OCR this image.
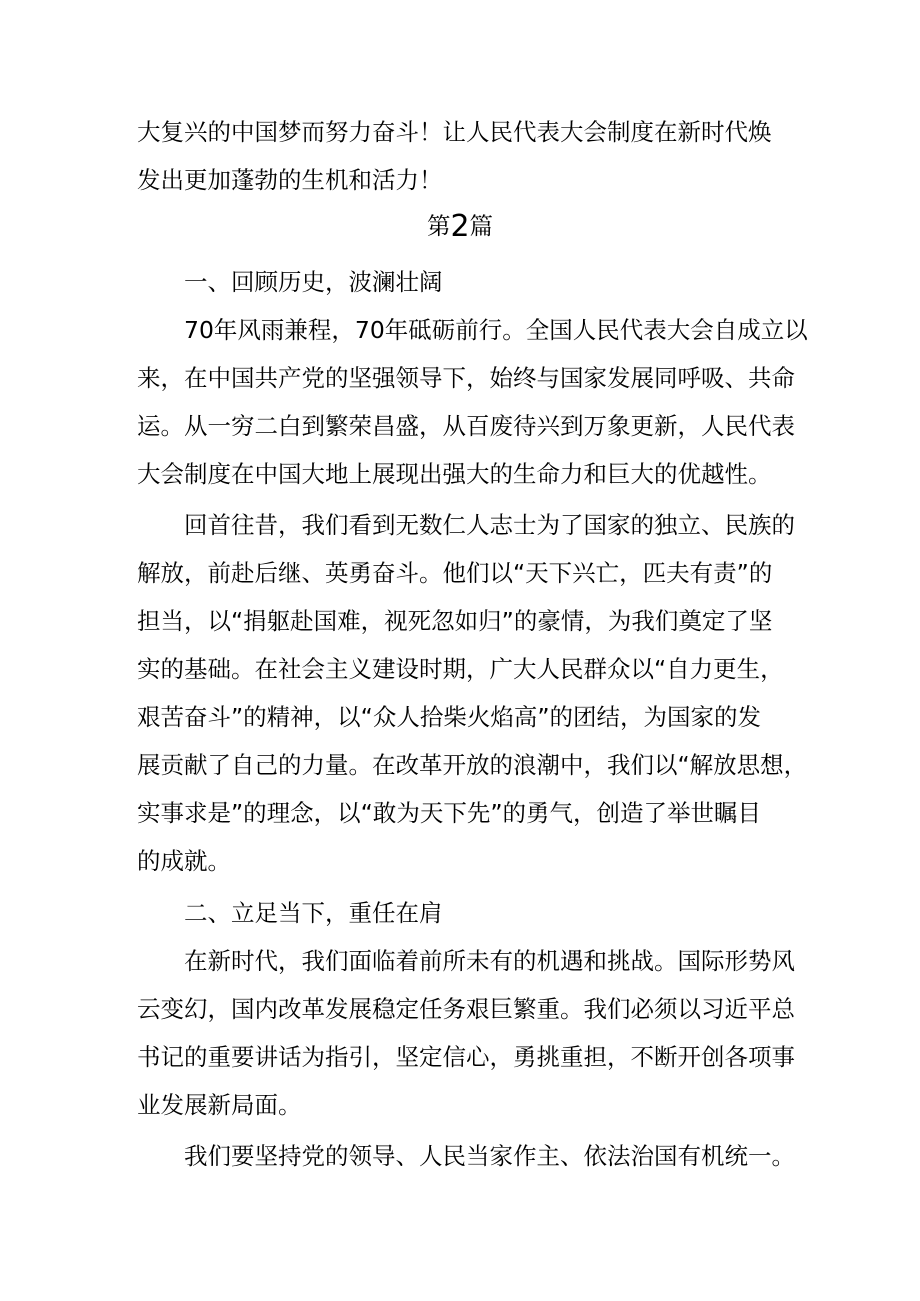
大复兴的中国梦而努力奋斗！让人民代表大会制度在新时代焕
发出更加蓬勃的生机和活力！
第2篇
一、回顾历史，波澜壮阔
70年风雨兼程，70年砥砺前行。全国人民代表大会自成立以
来，在中国共产党的坚强领导下，始终与国家发展同呼吸、共命
运。从一穷二白到繁荣昌盛，从百废待兴到万象更新，人民代表
大会制度在中国大地上展现出强大的生命力和巨大的优越性。
回首往昔，我们看到无数仁人志士为了国家的独立、民族的
解放，前赴后继、英勇奋斗。他们以“天下兴亡，匹夫有责”的
担当，以“捐躯赴国难，视死忽如归”的豪情，为我们奠定了坚
实的基础。在社会主义建设时期，广大人民群众以“自力更生，
艰苦奋斗”的精神，以“众人拾柴火焰高”的团结，为国家的发
展贡献了自己的力量。在改革开放的浪潮中，我们以“解放思想，
实事求是”的理念，以“敢为天下先”的勇气，创造了举世瞩目
的成就。
二、立足当下，重任在肩
在新时代，我们面临着前所未有的机遇和挑战。国际形势风
云变幻，国内改革发展稳定任务艰巨繁重。我们必须以习近平总
书记的重要讲话为指引，坚定信心，勇挑重担，不断开创各项事
业发展新局面。
我们要坚持党的领导、人民当家作主、依法治国有机统一。
